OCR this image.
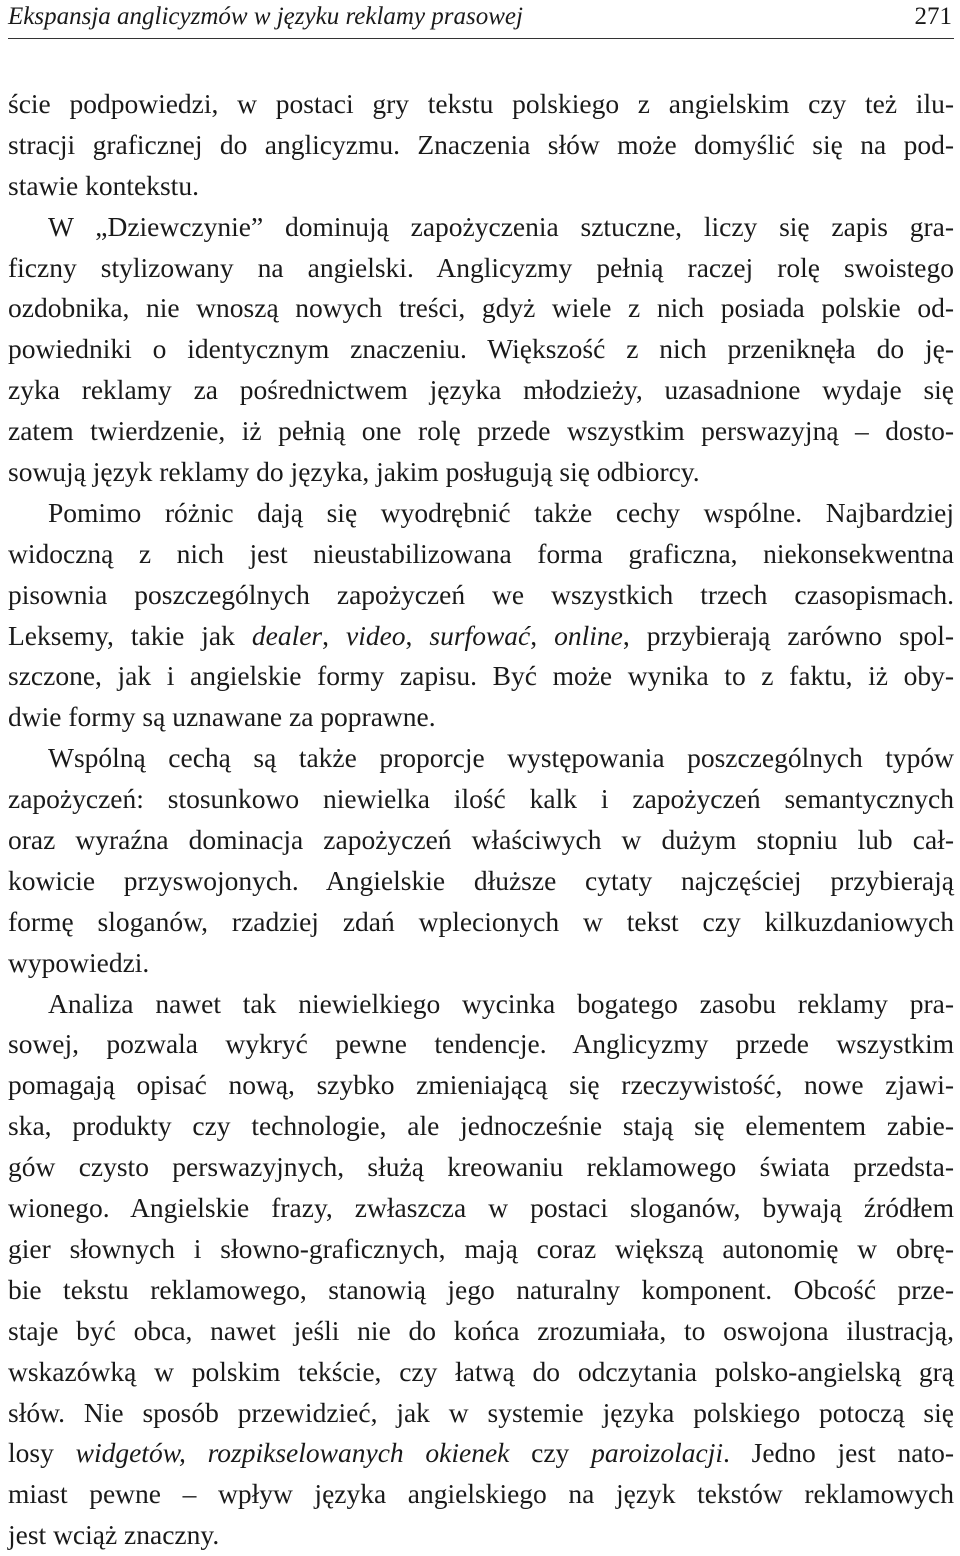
Ekspansja anglicyzmów w języku reklamy prasowej	271
ście podpowiedzi, w postaci gry tekstu polskiego z angielskim czy też ilu-
stracji graficznej do anglicyzmu. Znaczenia słów może domyślić się na pod-
stawie kontekstu.
W „Dziewczynie” dominują zapożyczenia sztuczne, liczy się zapis gra-
ficzny stylizowany na angielski. Anglicyzmy pełnią raczej rolę swoistego
ozdobnika, nie wnoszą nowych treści, gdyż wiele z nich posiada polskie od-
powiedniki o identycznym znaczeniu. Większość z nich przeniknęła do ję-
zyka reklamy za pośrednictwem języka młodzieży, uzasadnione wydaje się
zatem twierdzenie, iż pełnią one rolę przede wszystkim perswazyjną – dosto-
sowują język reklamy do języka, jakim posługują się odbiorcy.
Pomimo różnic dają się wyodrębnić także cechy wspólne. Najbardziej
widoczną z nich jest nieustabilizowana forma graficzna, niekonsekwentna
pisownia poszczególnych zapożyczeń we wszystkich trzech czasopismach.
Leksemy, takie jak dealer, video, surfować, online, przybierają zarówno spol-
szczone, jak i angielskie formy zapisu. Być może wynika to z faktu, iż oby-
dwie formy są uznawane za poprawne.
Wspólną cechą są także proporcje występowania poszczególnych typów
zapożyczeń: stosunkowo niewielka ilość kalk i zapożyczeń semantycznych
oraz wyraźna dominacja zapożyczeń właściwych w dużym stopniu lub cał-
kowicie przyswojonych. Angielskie dłuższe cytaty najczęściej przybierają
formę sloganów, rzadziej zdań wplecionych w tekst czy kilkuzdaniowych
wypowiedzi.
Analiza nawet tak niewielkiego wycinka bogatego zasobu reklamy pra-
sowej, pozwala wykryć pewne tendencje. Anglicyzmy przede wszystkim
pomagają opisać nową, szybko zmieniającą się rzeczywistość, nowe zjawi-
ska, produkty czy technologie, ale jednocześnie stają się elementem zabie-
gów czysto perswazyjnych, służą kreowaniu reklamowego świata przedsta-
wionego. Angielskie frazy, zwłaszcza w postaci sloganów, bywają źródłem
gier słownych i słowno-graficznych, mają coraz większą autonomię w obrę-
bie tekstu reklamowego, stanowią jego naturalny komponent. Obcość prze-
staje być obca, nawet jeśli nie do końca zrozumiała, to oswojona ilustracją,
wskazówką w polskim tekście, czy łatwą do odczytania polsko-angielską grą
słów. Nie sposób przewidzieć, jak w systemie języka polskiego potoczą się
losy widgetów, rozpikselowanych okienek czy paroizolacji. Jedno jest nato-
miast pewne – wpływ języka angielskiego na język tekstów reklamowych
jest wciąż znaczny.
